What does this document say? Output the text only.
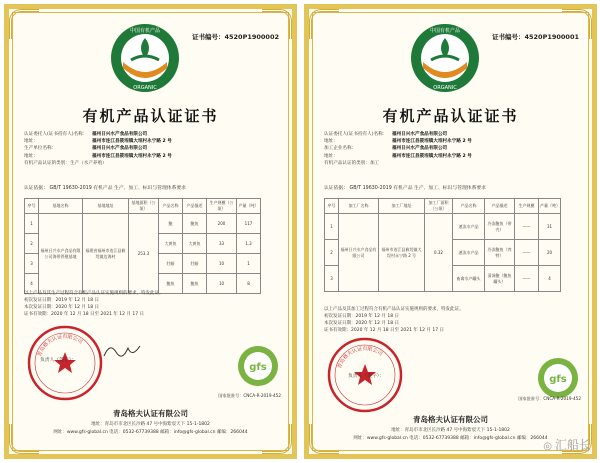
中国有机产品
ORGANIC
证书编号：4520P1900002
有机产品认证证书
认证委托人(证书持有人)名称：	福州日兴水产食品有限公司
地址：	福州市连江县筱埕镇大埕村永宁路 2 号
生产单位名称：	福州日兴水产食品有限公司
地址：	福州市连江县筱埕镇大埕村永宁路 2 号
有机产品认证的类别：生产（水产养殖）
认证依据： GB/T 19630-2019 有机产品 生产、加工、标识与管理体系要求
序号	基地名称	基地地址	基地面积（公顷）	产品名称	产品描述	生产规模（公顷）	产量（吨）
1	福州日兴水产食品有限公司海带养殖基地	福建省福州市连江县筱埕镇边海村	253.3	鲍	鲍鱼	200	117
2				大黄鱼	大黄鱼	33	1.3
3				牡蛎	牡蛎	10	1
4				鲍鱼	鲍鱼	10	8
以上产品及其生产过程符合有机产品认证实施规则的要求，特发此证。
初次发证日期：2019 年 12 月 18 日
本次发证日期：2020 年 12 月 18 日
证书有效期：2020 年 12 月 18 日至 2021 年 12 月 17 日
青岛格夫认证有限公司
负责人（签字）：
gfs
国家批准号：CNCA-R-2019-452
青岛格夫认证有限公司
地址：青岛市市北区长沙路 47 号中海紫宸天下 15-1-1802
网址：www.gfs-global.cn 电话：0532-67739388 邮箱：info@gfs-global.cn 邮编：266044
中国有机产品
ORGANIC
证书编号：4520P1900001
有机产品认证证书
认证委托人(证书持有人)名称：	福州日兴水产食品有限公司
地址：	福州市连江县筱埕镇大埕村永宁路 2 号
加工企业名称：	福州日兴水产食品有限公司
地址：	福州市连江县筱埕镇大埕村永宁路 2 号
有机产品认证的类别：加工
认证依据： GB/T 19630-2019 有机产品 生产、加工、标识与管理体系要求
序号	加工厂名称	加工厂地址	加工厂面积（公顷）	产品名称	产品描述	生产规模	产量（吨）
1	福州日兴水产食品有限公司	福州市连江县筱埕镇大埕村永宁路 2 号	0.32	速冻水产品	冷冻鲍鱼（带壳）	——	31
2				速冻水产品	冷冻鲍鱼（肉特）	——	20
3				畜禽水产罐头	清汤鲍（鲍鱼罐头）	——	4
以上产品及其加工过程符合有机产品认证实施规则的要求，特发此证。
初次发证日期：2019 年 12 月 18 日
本次发证日期：2020 年 12 月 18 日
证书有效期：2020 年 12 月 18 日至 2021 年 12 月 17 日
青岛格夫认证有限公司
负责人（签字）：	gfs
国家批准号：CNCA-R-2019-452
青岛格夫认证有限公司
地址：青岛市市北区长沙路 47 号中海紫宸天下 15-1-1802
网址：www.gfs-global.cn 电话：0532-67739388 邮箱：info@gfs-global.cn 邮编：266044
◎ 汇船长
